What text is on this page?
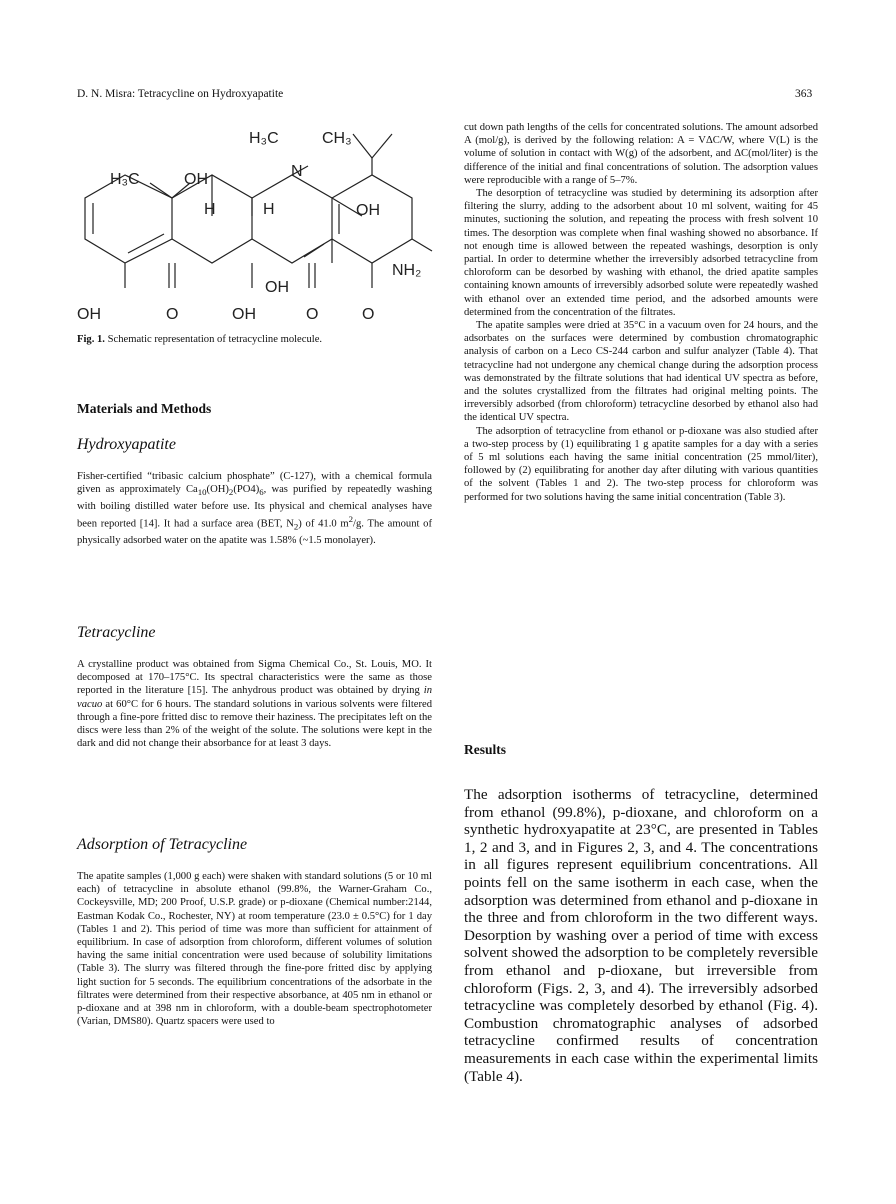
D. N. Misra: Tetracycline on Hydroxyapatite	363
H₃C	CH₃
N
H₃C	OH
H	H	OH
NH₂
OH
OH	O	OH	O	O
Fig. 1. Schematic representation of tetracycline molecule.
Materials and Methods
Hydroxyapatite

Fisher-certified “tribasic calcium phosphate” (C-127), with a chemical formula given as approximately $Ca_{10}(OH)_2(PO4)_6$, was purified by repeatedly washing with boiling distilled water before use. Its physical and chemical analyses have been reported [14]. It had a surface area (BET, $N_2$) of 41.0 $m^2/g$. The amount of physically adsorbed water on the apatite was 1.58% (~1.5 monolayer).

Tetracycline

A crystalline product was obtained from Sigma Chemical Co., St. Louis, MO. It decomposed at 170–175°C. Its spectral characteristics were the same as those reported in the literature [15]. The anhydrous product was obtained by drying in vacuo at 60°C for 6 hours. The standard solutions in various solvents were filtered through a fine-pore fritted disc to remove their haziness. The precipitates left on the discs were less than 2% of the weight of the solute. The solutions were kept in the dark and did not change their absorbance for at least 3 days.

Adsorption of Tetracycline

The apatite samples (1,000 g each) were shaken with standard solutions (5 or 10 ml each) of tetracycline in absolute ethanol (99.8%, the Warner-Graham Co., Cockeysville, MD; 200 Proof, U.S.P. grade) or p-dioxane (Chemical number:2144, Eastman Kodak Co., Rochester, NY) at room temperature (23.0 ± 0.5°C) for 1 day (Tables 1 and 2). This period of time was more than sufficient for attainment of equilibrium. In case of adsorption from chloroform, different volumes of solution having the same initial concentration were used because of solubility limitations (Table 3). The slurry was filtered through the fine-pore fritted disc by applying light suction for 5 seconds. The equilibrium concentrations of the adsorbate in the filtrates were determined from their respective absorbance, at 405 nm in ethanol or p-dioxane and at 398 nm in chloroform, with a double-beam spectrophotometer (Varian, DMS80). Quartz spacers were used to

cut down path lengths of the cells for concentrated solutions. The amount adsorbed A (mol/g), is derived by the following relation: A = VΔC/W, where V(L) is the volume of solution in contact with W(g) of the adsorbent, and ΔC(mol/liter) is the difference of the initial and final concentrations of solution. The adsorption values were reproducible with a range of 5–7%.

The desorption of tetracycline was studied by determining its adsorption after filtering the slurry, adding to the adsorbent about 10 ml solvent, waiting for 45 minutes, suctioning the solution, and repeating the process with fresh solvent 10 times. The desorption was complete when final washing showed no absorbance. If not enough time is allowed between the repeated washings, desorption is only partial. In order to determine whether the irreversibly adsorbed tetracycline from chloroform can be desorbed by washing with ethanol, the dried apatite samples containing known amounts of irreversibly adsorbed solute were repeatedly washed with ethanol over an extended time period, and the adsorbed amounts were determined from the concentration of the filtrates.

The apatite samples were dried at 35°C in a vacuum oven for 24 hours, and the adsorbates on the surfaces were determined by combustion chromatographic analysis of carbon on a Leco CS-244 carbon and sulfur analyzer (Table 4). That tetracycline had not undergone any chemical change during the adsorption process was demonstrated by the filtrate solutions that had identical UV spectra as before, and the solutes crystallized from the filtrates had original melting points. The irreversibly adsorbed (from chloroform) tetracycline desorbed by ethanol also had the identical UV spectra.

The adsorption of tetracycline from ethanol or p-dioxane was also studied after a two-step process by (1) equilibrating 1 g apatite samples for a day with a series of 5 ml solutions each having the same initial concentration (25 mmol/liter), followed by (2) equilibrating for another day after diluting with various quantities of the solvent (Tables 1 and 2). The two-step process for chloroform was performed for two solutions having the same initial concentration (Table 3).

Results

The adsorption isotherms of tetracycline, determined from ethanol (99.8%), p-dioxane, and chloroform on a synthetic hydroxyapatite at 23°C, are presented in Tables 1, 2 and 3, and in Figures 2, 3, and 4. The concentrations in all figures represent equilibrium concentrations. All points fell on the same isotherm in each case, when the adsorption was determined from ethanol and p-dioxane in the three and from chloroform in the two different ways. Desorption by washing over a period of time with excess solvent showed the adsorption to be completely reversible from ethanol and p-dioxane, but irreversible from chloroform (Figs. 2, 3, and 4). The irreversibly adsorbed tetracycline was completely desorbed by ethanol (Fig. 4). Combustion chromatographic analyses of adsorbed tetracycline confirmed results of concentration measurements in each case within the experimental limits (Table 4).
